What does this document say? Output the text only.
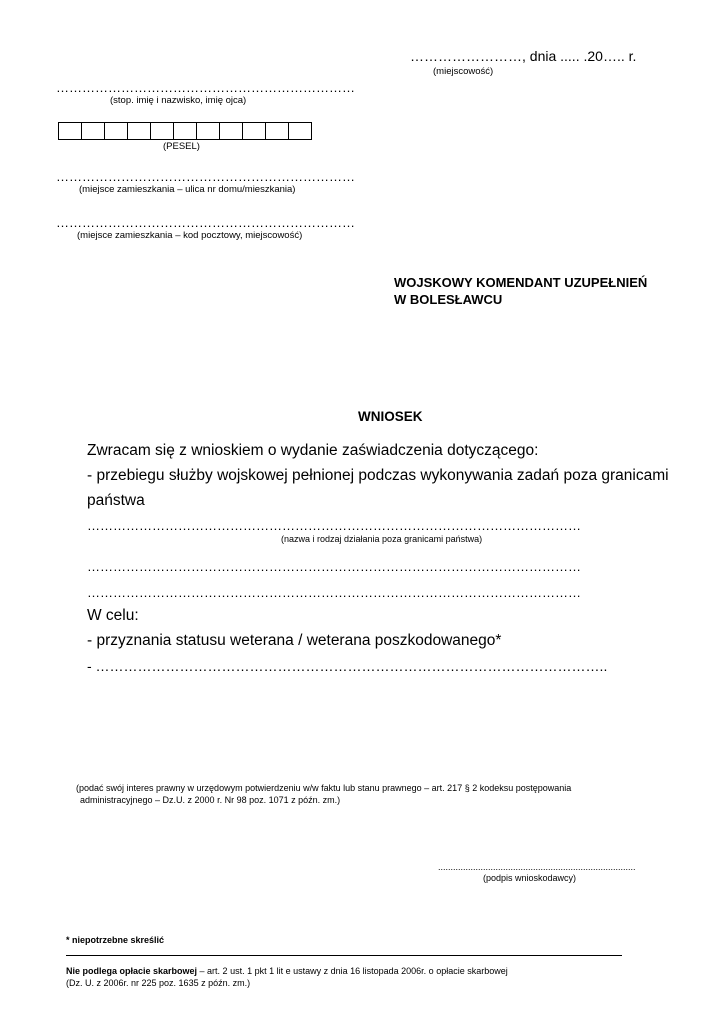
……………………, dnia ..... .20….. r.
(miejscowość)
……………………………………………………………
(stop. imię i nazwisko, imię ojca)
(PESEL)
……………………………………………………………
(miejsce zamieszkania – ulica nr domu/mieszkania)
……………………………………………………………
(miejsce zamieszkania – kod pocztowy, miejscowość)
WOJSKOWY KOMENDANT UZUPEŁNIEŃ
W BOLESŁAWCU
WNIOSEK
Zwracam się z wnioskiem o wydanie zaświadczenia dotyczącego:
- przebiegu służby wojskowej pełnionej podczas wykonywania zadań poza granicami
państwa
……………………………………………………………………………………………………
(nazwa i rodzaj działania poza granicami państwa)
……………………………………………………………………………………………………
……………………………………………………………………………………………………
W celu:
- przyznania statusu weterana / weterana poszkodowanego*
- ………………………………………………………………………………………………..
(podać swój interes prawny w urzędowym potwierdzeniu w/w faktu lub stanu prawnego – art. 217 § 2 kodeksu postępowania
administracyjnego – Dz.U. z 2000 r. Nr 98 poz. 1071 z późn. zm.)
...............................................................................
(podpis wnioskodawcy)
* niepotrzebne skreślić
Nie podlega opłacie skarbowej – art. 2 ust. 1 pkt 1 lit e ustawy z dnia 16 listopada 2006r. o opłacie skarbowej
(Dz. U. z 2006r. nr 225 poz. 1635 z późn. zm.)
